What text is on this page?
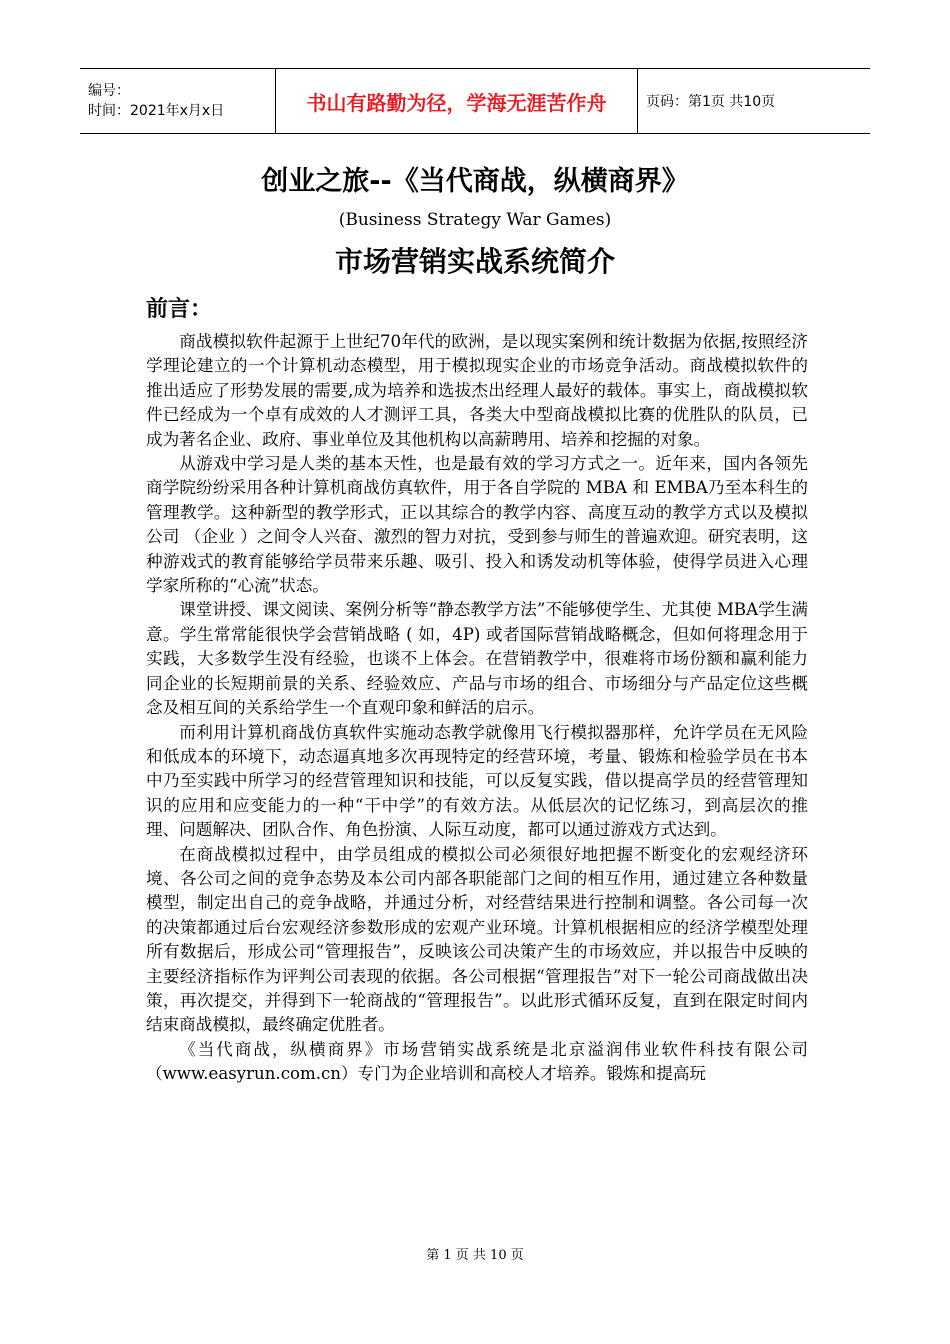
编号：
时间：2021年x月x日	书山有路勤为径，学海无涯苦作舟	页码：第1页 共10页
创业之旅--《当代商战，纵横商界》
(Business Strategy War Games)
市场营销实战系统简介
前言：

商战模拟软件起源于上世纪70年代的欧洲，是以现实案例和统计数据为依据,按照经济学理论建立的一个计算机动态模型，用于模拟现实企业的市场竞争活动。商战模拟软件的推出适应了形势发展的需要,成为培养和选拔杰出经理人最好的载体。事实上，商战模拟软件已经成为一个卓有成效的人才测评工具，各类大中型商战模拟比赛的优胜队的队员，已成为著名企业、政府、事业单位及其他机构以高薪聘用、培养和挖掘的对象。

从游戏中学习是人类的基本天性，也是最有效的学习方式之一。近年来，国内各领先商学院纷纷采用各种计算机商战仿真软件，用于各自学院的 MBA 和 EMBA乃至本科生的管理教学。这种新型的教学形式，正以其综合的教学内容、高度互动的教学方式以及模拟公司 （企业 ）之间令人兴奋、激烈的智力对抗，受到参与师生的普遍欢迎。研究表明，这种游戏式的教育能够给学员带来乐趣、吸引、投入和诱发动机等体验，使得学员进入心理学家所称的“心流”状态。

课堂讲授、课文阅读、案例分析等“静态教学方法”不能够使学生、尤其使 MBA学生满意。学生常常能很快学会营销战略 ( 如，4P) 或者国际营销战略概念，但如何将理念用于实践，大多数学生没有经验，也谈不上体会。在营销教学中，很难将市场份额和赢利能力同企业的长短期前景的关系、经验效应、产品与市场的组合、市场细分与产品定位这些概念及相互间的关系给学生一个直观印象和鲜活的启示。

而利用计算机商战仿真软件实施动态教学就像用飞行模拟器那样，允许学员在无风险和低成本的环境下，动态逼真地多次再现特定的经营环境，考量、锻炼和检验学员在书本中乃至实践中所学习的经营管理知识和技能，可以反复实践，借以提高学员的经营管理知识的应用和应变能力的一种“干中学”的有效方法。从低层次的记忆练习，到高层次的推理、问题解决、团队合作、角色扮演、人际互动度，都可以通过游戏方式达到。

在商战模拟过程中，由学员组成的模拟公司必须很好地把握不断变化的宏观经济环境、各公司之间的竞争态势及本公司内部各职能部门之间的相互作用，通过建立各种数量模型，制定出自己的竞争战略，并通过分析，对经营结果进行控制和调整。各公司每一次的决策都通过后台宏观经济参数形成的宏观产业环境。计算机根据相应的经济学模型处理所有数据后，形成公司“管理报告”，反映该公司决策产生的市场效应，并以报告中反映的主要经济指标作为评判公司表现的依据。各公司根据“管理报告”对下一轮公司商战做出决策，再次提交，并得到下一轮商战的“管理报告”。以此形式循环反复，直到在限定时间内结束商战模拟，最终确定优胜者。

《当代商战，纵横商界》市场营销实战系统是北京溢润伟业软件科技有限公司（www.easyrun.com.cn）专门为企业培训和高校人才培养。锻炼和提高玩

第 1 页 共 10 页
